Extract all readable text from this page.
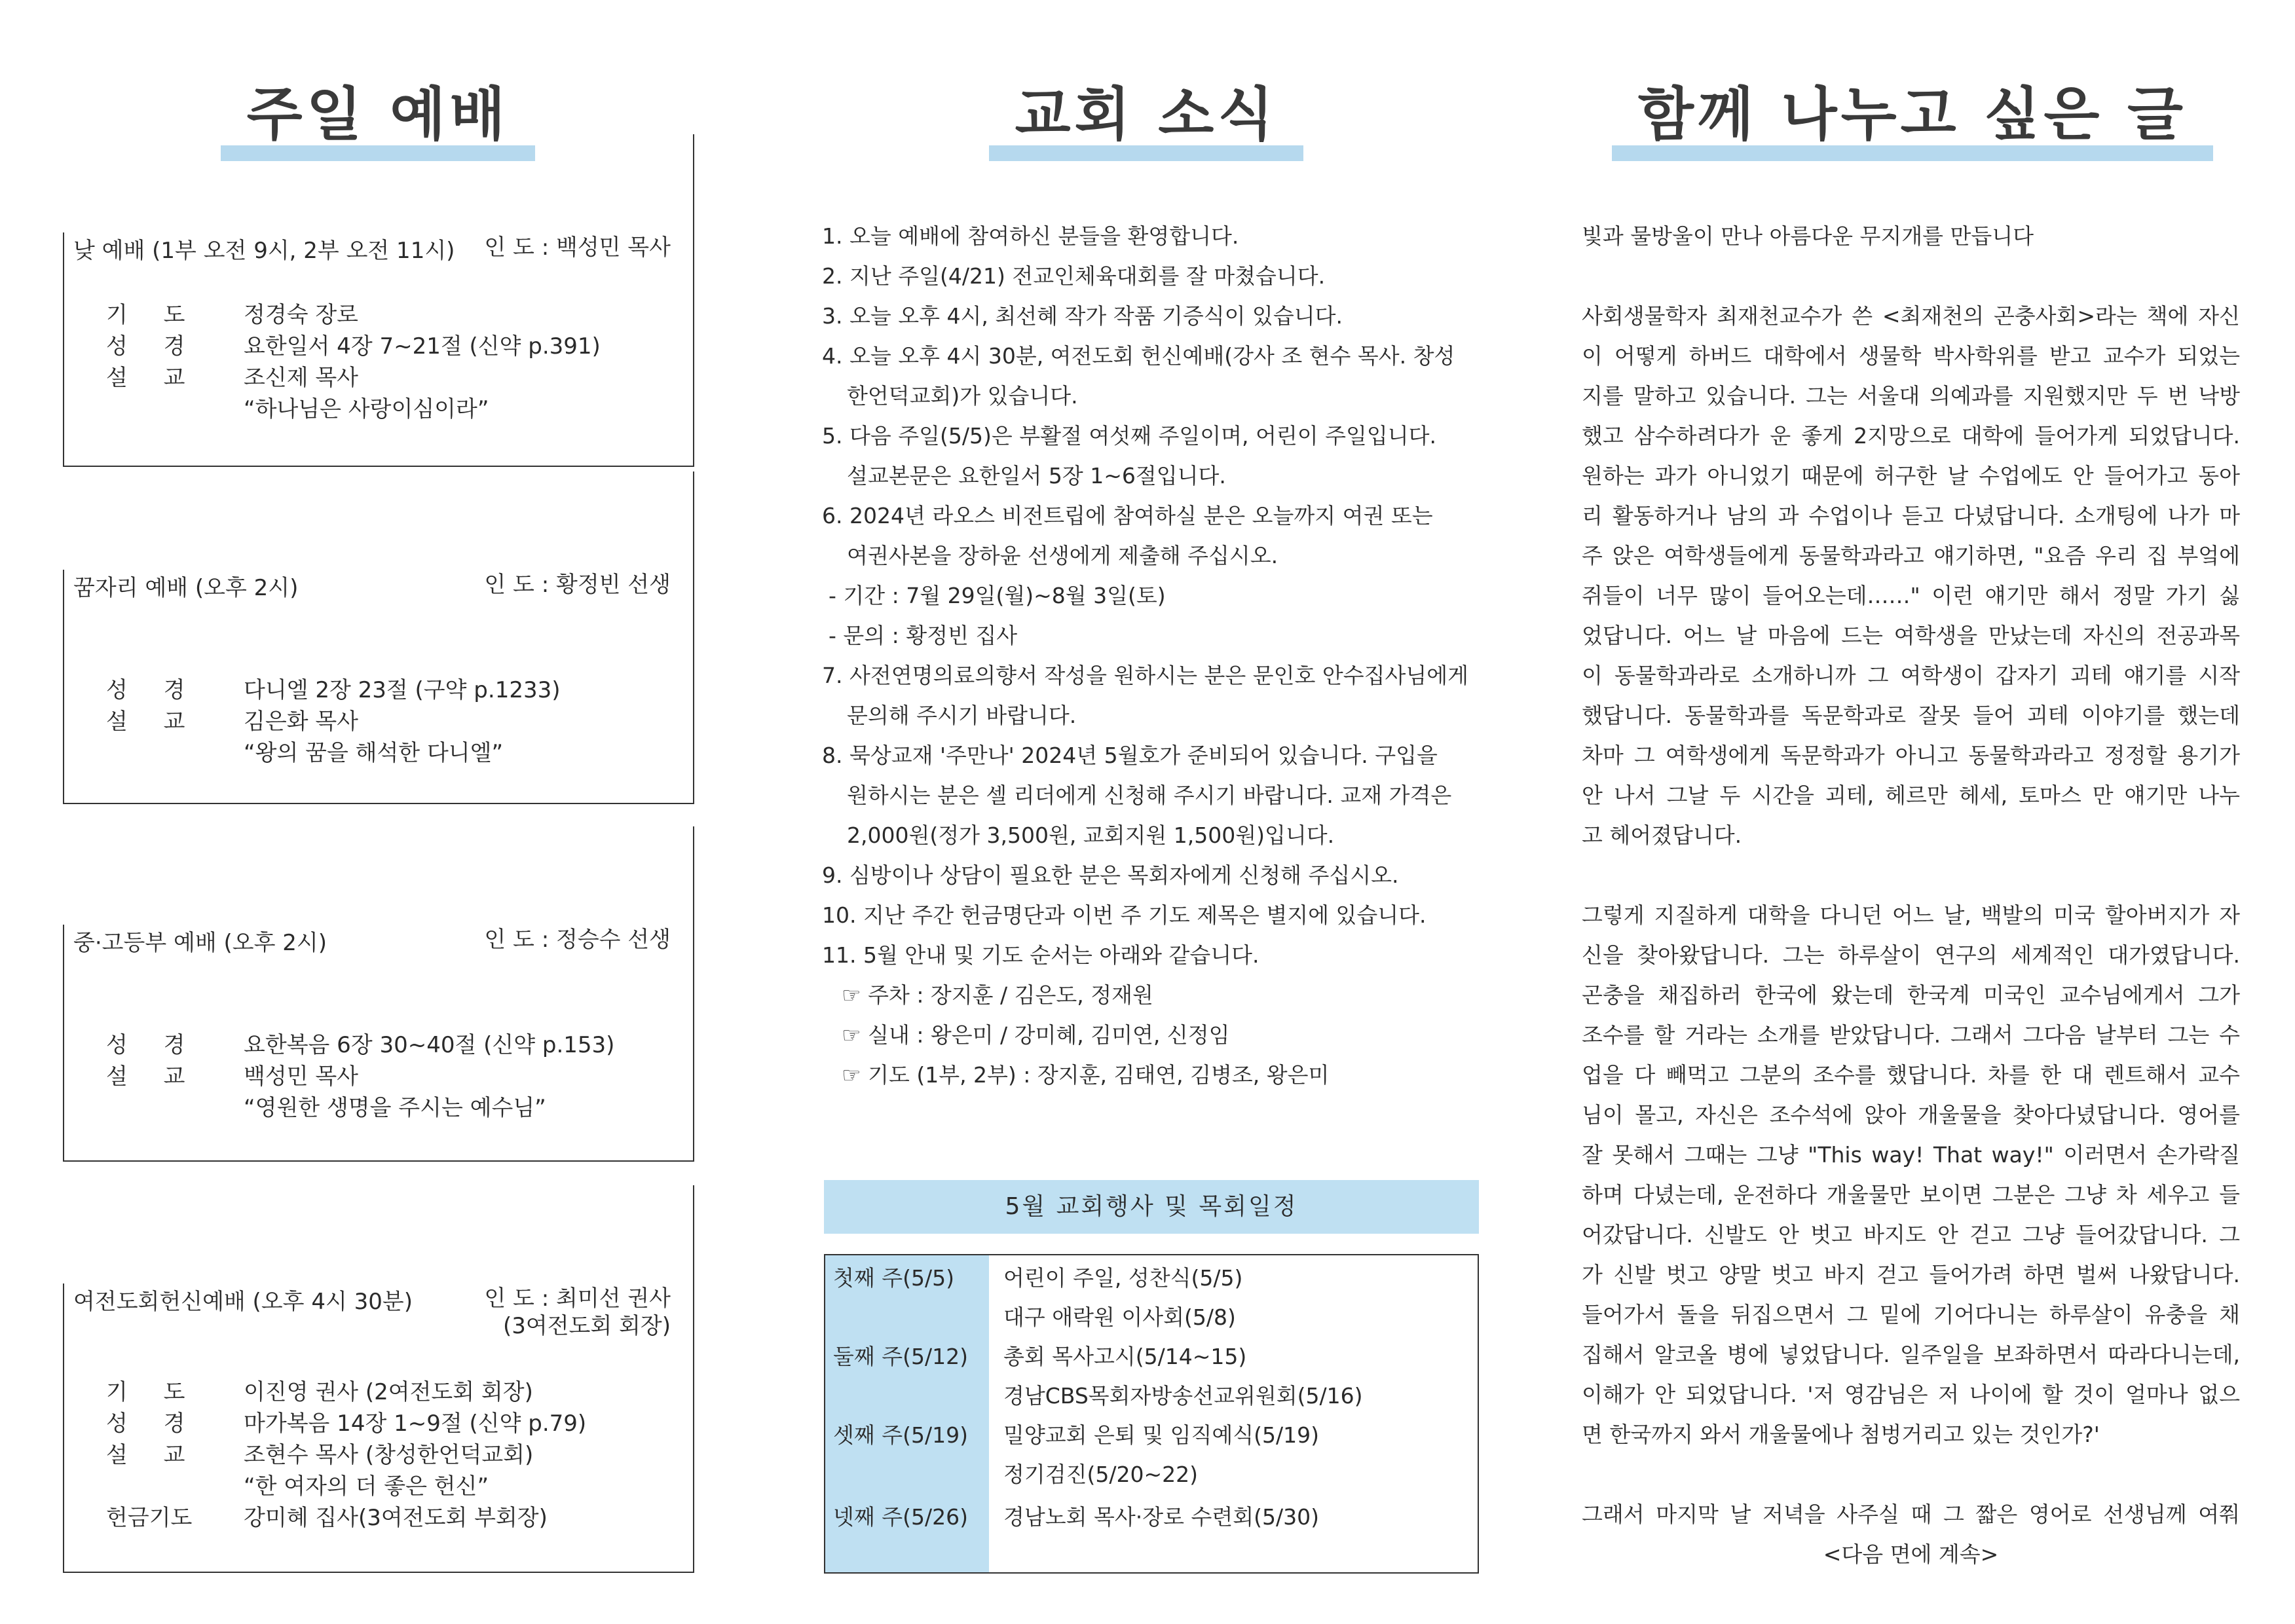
주일 예배
낮 예배 (1부 오전 9시, 2부 오전 11시) 인 도 : 백성민 목사
기 도 정경숙 장로
성 경 요한일서 4장 7~21절 (신약 p.391)
설 교 조신제 목사
“하나님은 사랑이심이라”
꿈자리 예배 (오후 2시)	인 도 : 황정빈 선생
성 경 다니엘 2장 23절 (구약 p.1233)
설 교 김은화 목사
“왕의 꿈을 해석한 다니엘”
중·고등부 예배 (오후 2시)	인 도 : 정승수 선생
성 경 요한복음 6장 30~40절 (신약 p.153)
설 교 백성민 목사
“영원한 생명을 주시는 예수님”
여전도회헌신예배 (오후 4시 30분)	인 도 : 최미선 권사
(3여전도회 회장)
기 도 이진영 권사 (2여전도회 회장)
성 경 마가복음 14장 1~9절 (신약 p.79)
설 교 조현수 목사 (창성한언덕교회)
“한 여자의 더 좋은 헌신”
헌금기도 강미혜 집사(3여전도회 부회장)
교회 소식
1. 오늘 예배에 참여하신 분들을 환영합니다.
2. 지난 주일(4/21) 전교인체육대회를 잘 마쳤습니다.
3. 오늘 오후 4시, 최선혜 작가 작품 기증식이 있습니다.
4. 오늘 오후 4시 30분, 여전도회 헌신예배(강사 조 현수 목사. 창성
한언덕교회)가 있습니다.
5. 다음 주일(5/5)은 부활절 여섯째 주일이며, 어린이 주일입니다.
설교본문은 요한일서 5장 1~6절입니다.
6. 2024년 라오스 비전트립에 참여하실 분은 오늘까지 여권 또는
여권사본을 장하윤 선생에게 제출해 주십시오.
- 기간 : 7월 29일(월)~8월 3일(토)
- 문의 : 황정빈 집사
7. 사전연명의료의향서 작성을 원하시는 분은 문인호 안수집사님에게
문의해 주시기 바랍니다.
8. 묵상교재 '주만나' 2024년 5월호가 준비되어 있습니다. 구입을
원하시는 분은 셀 리더에게 신청해 주시기 바랍니다. 교재 가격은
2,000원(정가 3,500원, 교회지원 1,500원)입니다.
9. 심방이나 상담이 필요한 분은 목회자에게 신청해 주십시오.
10. 지난 주간 헌금명단과 이번 주 기도 제목은 별지에 있습니다.
11. 5월 안내 및 기도 순서는 아래와 같습니다.
☞ 주차 : 장지훈 / 김은도, 정재원
☞ 실내 : 왕은미 / 강미혜, 김미연, 신정임
☞ 기도 (1부, 2부) : 장지훈, 김태연, 김병조, 왕은미
5월 교회행사 및 목회일정
첫째 주(5/5) 어린이 주일, 성찬식(5/5)
대구 애락원 이사회(5/8)
둘째 주(5/12) 총회 목사고시(5/14~15)
경남CBS목회자방송선교위원회(5/16)
셋째 주(5/19) 밀양교회 은퇴 및 임직예식(5/19)
정기검진(5/20~22)
넷째 주(5/26) 경남노회 목사·장로 수련회(5/30)
함께 나누고 싶은 글
빛과 물방울이 만나 아름다운 무지개를 만듭니다
사회생물학자 최재천교수가 쓴 <최재천의 곤충사회>라는 책에 자신
이 어떻게 하버드 대학에서 생물학 박사학위를 받고 교수가 되었는
지를 말하고 있습니다. 그는 서울대 의예과를 지원했지만 두 번 낙방
했고 삼수하려다가 운 좋게 2지망으로 대학에 들어가게 되었답니다.
원하는 과가 아니었기 때문에 허구한 날 수업에도 안 들어가고 동아
리 활동하거나 남의 과 수업이나 듣고 다녔답니다. 소개팅에 나가 마
주 앉은 여학생들에게 동물학과라고 얘기하면, "요즘 우리 집 부엌에
쥐들이 너무 많이 들어오는데……" 이런 얘기만 해서 정말 가기 싫
었답니다. 어느 날 마음에 드는 여학생을 만났는데 자신의 전공과목
이 동물학과라로 소개하니까 그 여학생이 갑자기 괴테 얘기를 시작
했답니다. 동물학과를 독문학과로 잘못 들어 괴테 이야기를 했는데
차마 그 여학생에게 독문학과가 아니고 동물학과라고 정정할 용기가
안 나서 그날 두 시간을 괴테, 헤르만 헤세, 토마스 만 얘기만 나누
고 헤어졌답니다.
그렇게 지질하게 대학을 다니던 어느 날, 백발의 미국 할아버지가 자
신을 찾아왔답니다. 그는 하루살이 연구의 세계적인 대가였답니다.
곤충을 채집하러 한국에 왔는데 한국계 미국인 교수님에게서 그가
조수를 할 거라는 소개를 받았답니다. 그래서 그다음 날부터 그는 수
업을 다 빼먹고 그분의 조수를 했답니다. 차를 한 대 렌트해서 교수
님이 몰고, 자신은 조수석에 앉아 개울물을 찾아다녔답니다. 영어를
잘 못해서 그때는 그냥 "This way! That way!" 이러면서 손가락질
하며 다녔는데, 운전하다 개울물만 보이면 그분은 그냥 차 세우고 들
어갔답니다. 신발도 안 벗고 바지도 안 걷고 그냥 들어갔답니다. 그
가 신발 벗고 양말 벗고 바지 걷고 들어가려 하면 벌써 나왔답니다.
들어가서 돌을 뒤집으면서 그 밑에 기어다니는 하루살이 유충을 채
집해서 알코올 병에 넣었답니다. 일주일을 보좌하면서 따라다니는데,
이해가 안 되었답니다. '저 영감님은 저 나이에 할 것이 얼마나 없으
면 한국까지 와서 개울물에나 첨벙거리고 있는 것인가?'
그래서 마지막 날 저녁을 사주실 때 그 짧은 영어로 선생님께 여쭤
<다음 면에 계속>
